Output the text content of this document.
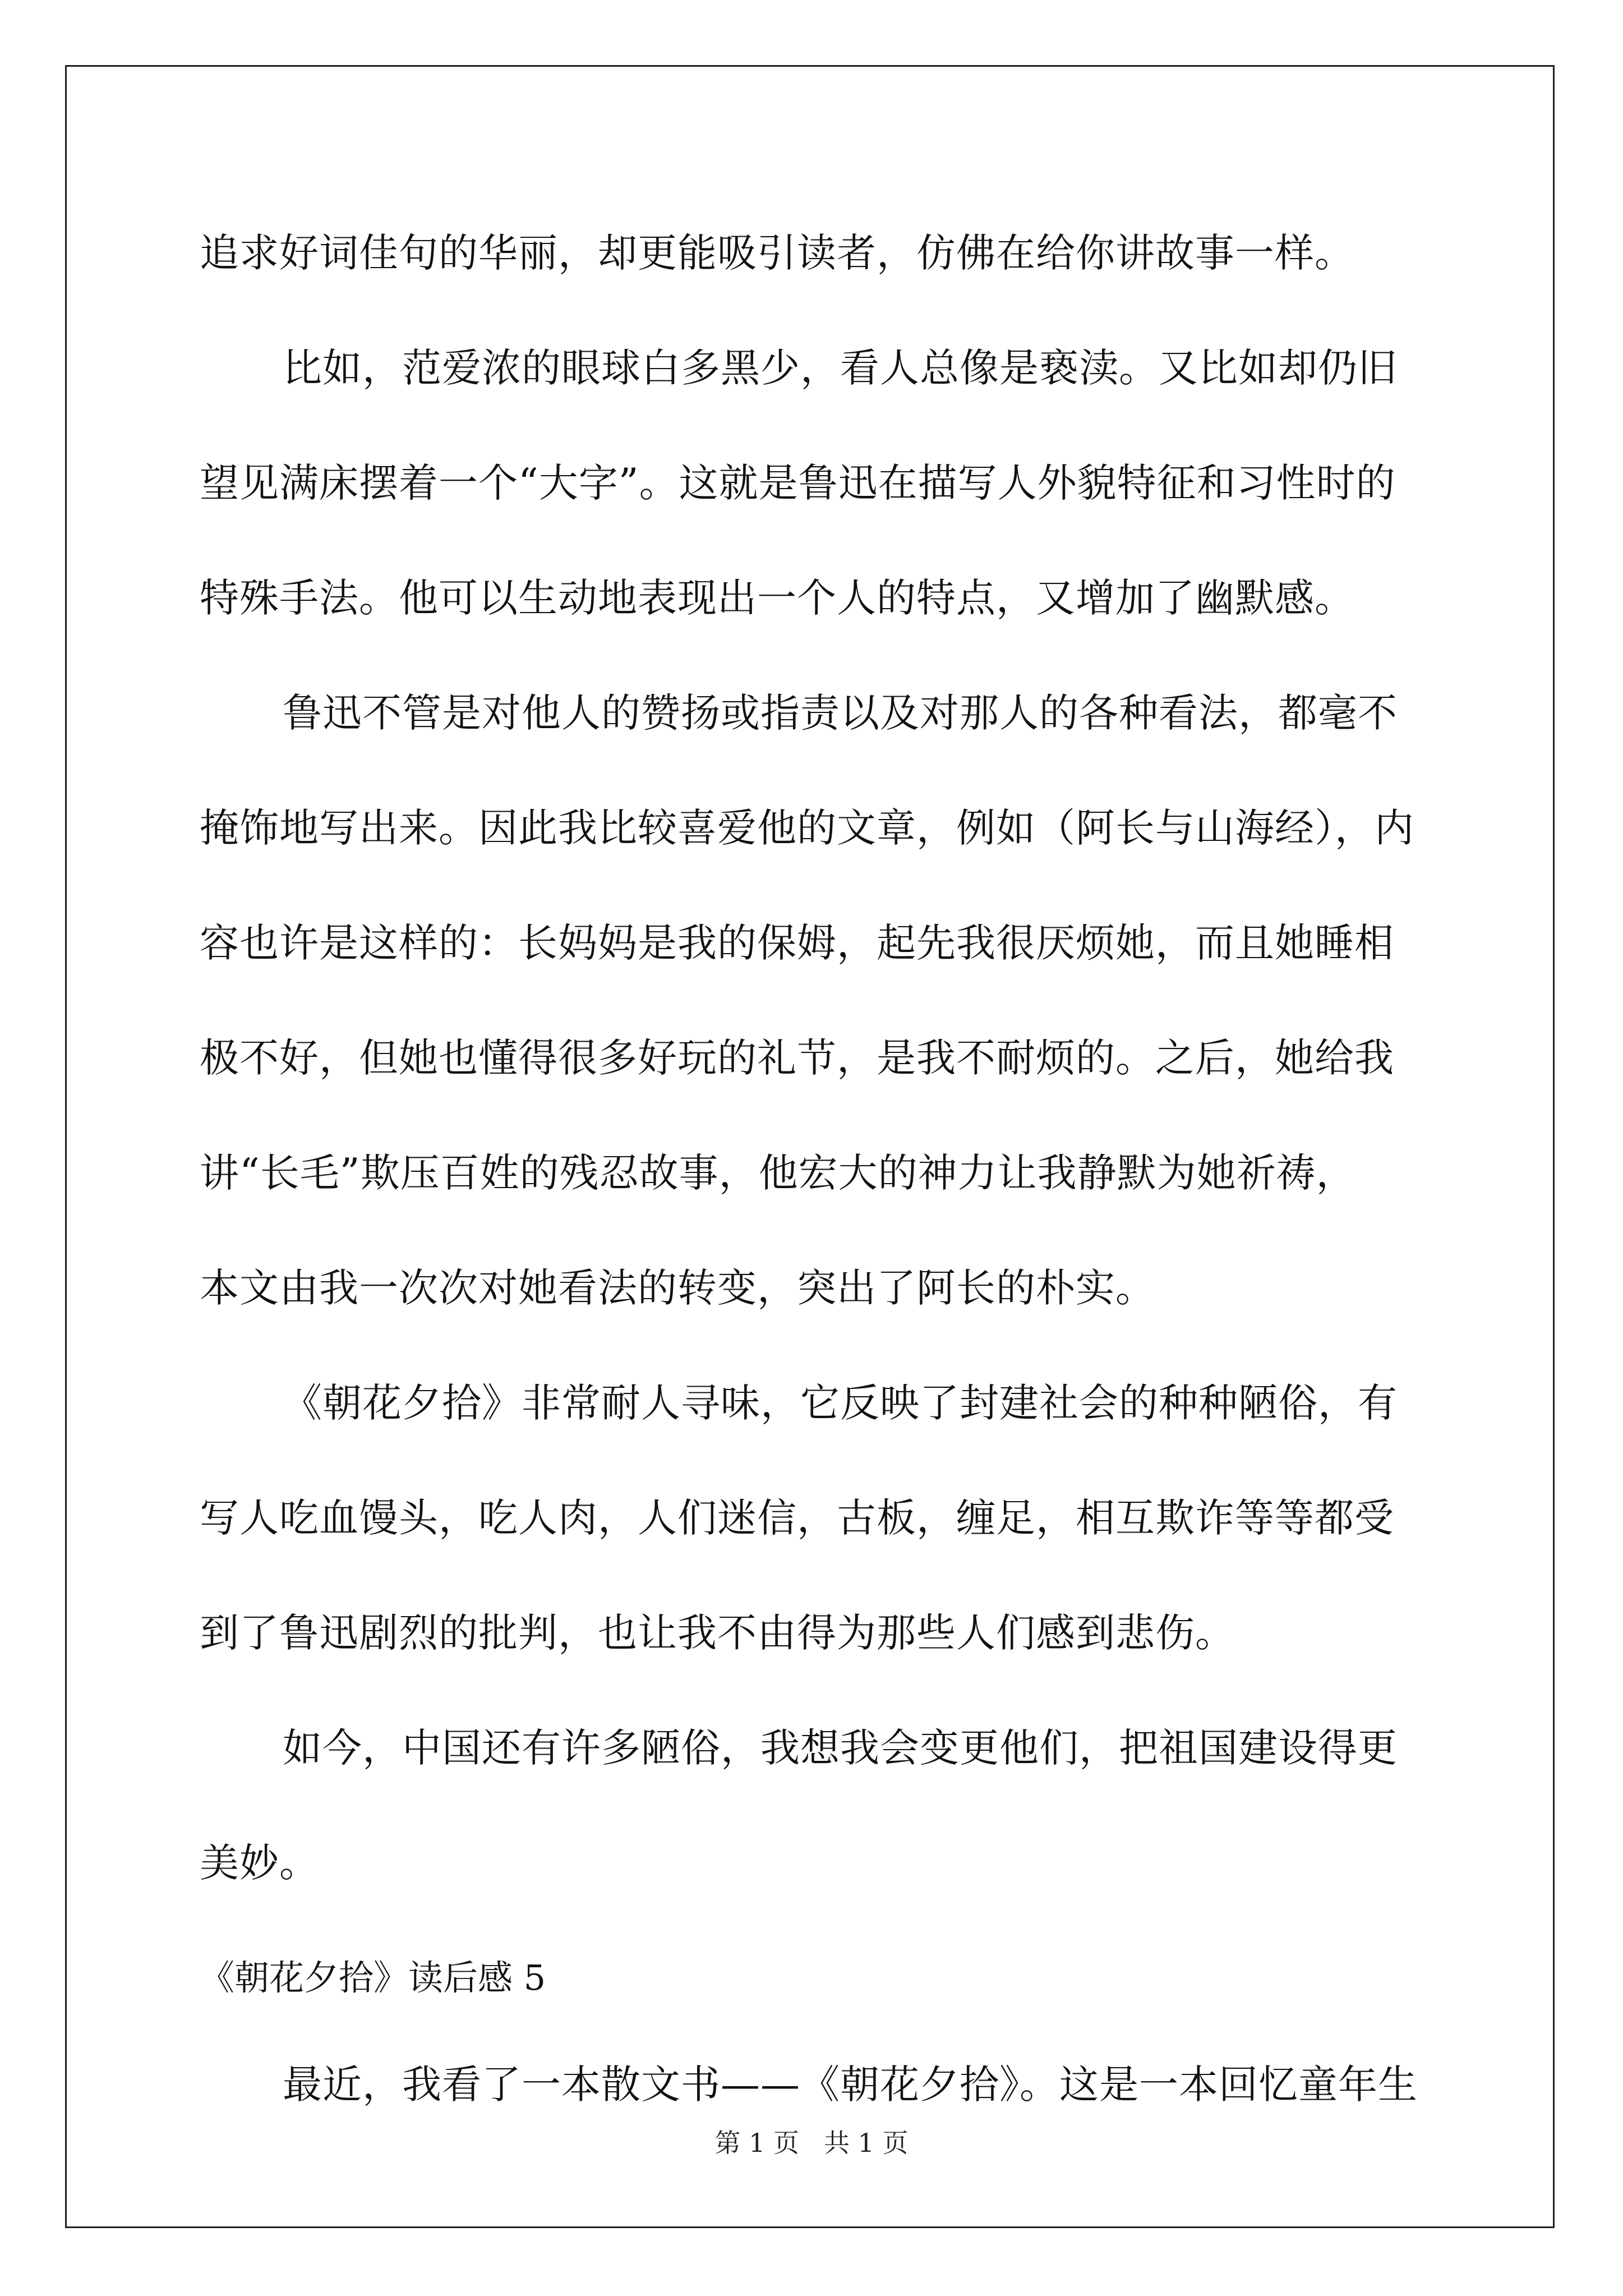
追求好词佳句的华丽，却更能吸引读者，仿佛在给你讲故事一样。
比如，范爱浓的眼球白多黑少，看人总像是亵渎。又比如却仍旧
望见满床摆着一个“大字”。这就是鲁迅在描写人外貌特征和习性时的
特殊手法。他可以生动地表现出一个人的特点，又增加了幽默感。
鲁迅不管是对他人的赞扬或指责以及对那人的各种看法，都毫不
掩饰地写出来。因此我比较喜爱他的文章，例如（阿长与山海经），内
容也许是这样的：长妈妈是我的保姆，起先我很厌烦她，而且她睡相
极不好，但她也懂得很多好玩的礼节，是我不耐烦的。之后，她给我
讲“长毛”欺压百姓的残忍故事，他宏大的神力让我静默为她祈祷，
本文由我一次次对她看法的转变，突出了阿长的朴实。
《朝花夕拾》非常耐人寻味，它反映了封建社会的种种陋俗，有
写人吃血馒头，吃人肉，人们迷信，古板，缠足，相互欺诈等等都受
到了鲁迅剧烈的批判，也让我不由得为那些人们感到悲伤。
如今，中国还有许多陋俗，我想我会变更他们，把祖国建设得更
美妙。
《朝花夕拾》读后感 5
最近，我看了一本散文书——《朝花夕拾》。这是一本回忆童年生
第 1 页 共 1 页
